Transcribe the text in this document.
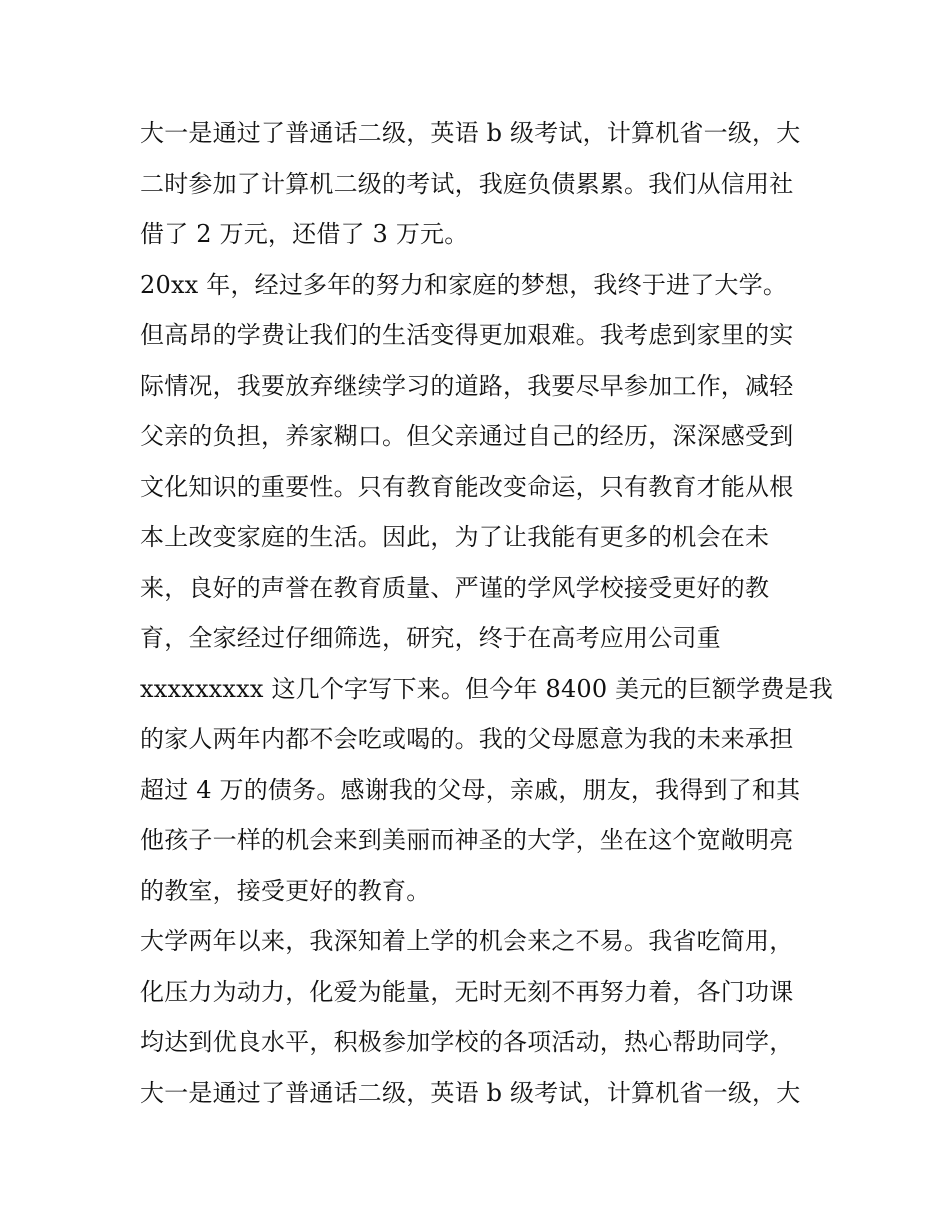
大一是通过了普通话二级，英语 b 级考试，计算机省一级，大
二时参加了计算机二级的考试，我庭负债累累。我们从信用社
借了 2 万元，还借了 3 万元。
20xx 年，经过多年的努力和家庭的梦想，我终于进了大学。
但高昂的学费让我们的生活变得更加艰难。我考虑到家里的实
际情况，我要放弃继续学习的道路，我要尽早参加工作，减轻
父亲的负担，养家糊口。但父亲通过自己的经历，深深感受到
文化知识的重要性。只有教育能改变命运，只有教育才能从根
本上改变家庭的生活。因此，为了让我能有更多的机会在未
来，良好的声誉在教育质量、严谨的学风学校接受更好的教
育，全家经过仔细筛选，研究，终于在高考应用公司重
xxxxxxxxx 这几个字写下来。但今年 8400 美元的巨额学费是我
的家人两年内都不会吃或喝的。我的父母愿意为我的未来承担
超过 4 万的债务。感谢我的父母，亲戚，朋友，我得到了和其
他孩子一样的机会来到美丽而神圣的大学，坐在这个宽敞明亮
的教室，接受更好的教育。
大学两年以来，我深知着上学的机会来之不易。我省吃简用，
化压力为动力，化爱为能量，无时无刻不再努力着，各门功课
均达到优良水平，积极参加学校的各项活动，热心帮助同学，
大一是通过了普通话二级，英语 b 级考试，计算机省一级，大
